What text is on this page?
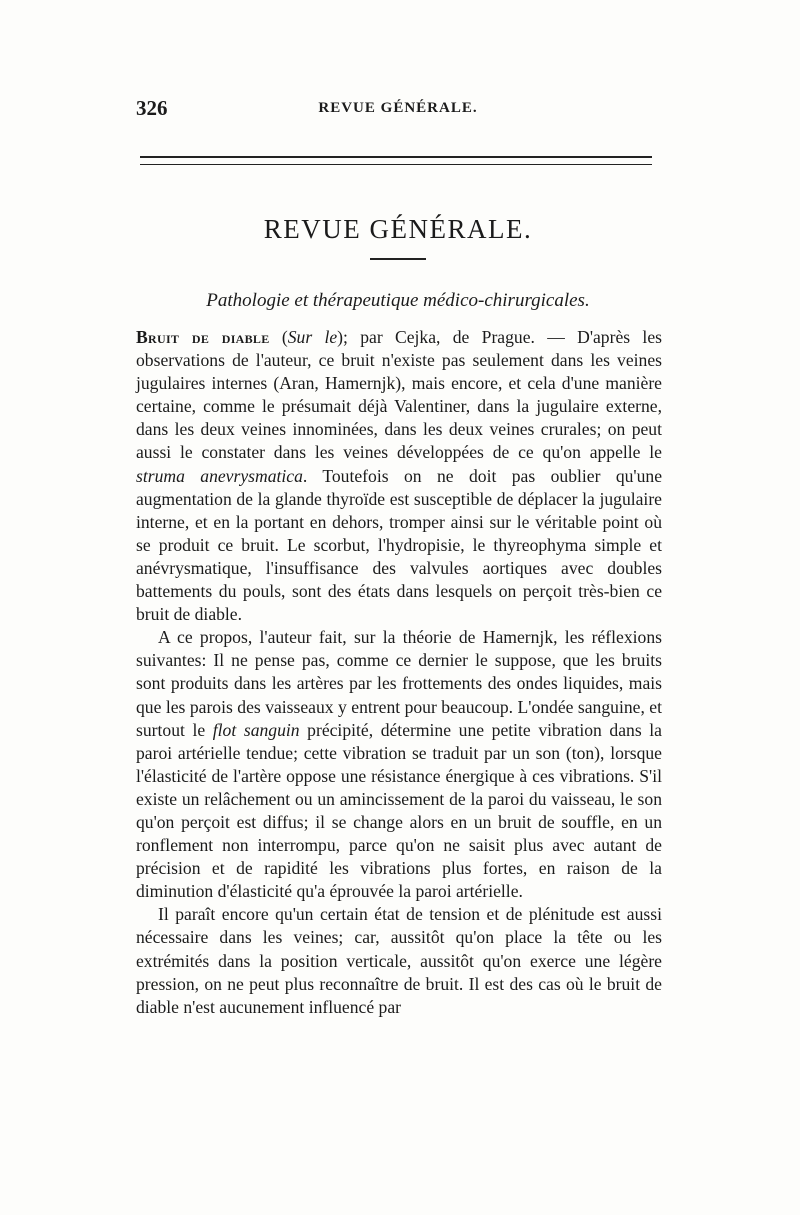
326	REVUE GÉNÉRALE.
REVUE GÉNÉRALE.
Pathologie et thérapeutique médico-chirurgicales.

Bruit de diable (Sur le); par Cejka, de Prague. — D'après les observations de l'auteur, ce bruit n'existe pas seulement dans les veines jugulaires internes (Aran, Hamernjk), mais encore, et cela d'une manière certaine, comme le présumait déjà Valentiner, dans la jugulaire externe, dans les deux veines innominées, dans les deux veines crurales; on peut aussi le constater dans les veines développées de ce qu'on appelle le struma anevrysmatica. Toutefois on ne doit pas oublier qu'une augmentation de la glande thyroïde est susceptible de déplacer la jugulaire interne, et en la portant en dehors, tromper ainsi sur le véritable point où se produit ce bruit. Le scorbut, l'hydropisie, le thyreophyma simple et anévrysmatique, l'insuffisance des valvules aortiques avec doubles battements du pouls, sont des états dans lesquels on perçoit très-bien ce bruit de diable.

A ce propos, l'auteur fait, sur la théorie de Hamernjk, les réflexions suivantes: Il ne pense pas, comme ce dernier le suppose, que les bruits sont produits dans les artères par les frottements des ondes liquides, mais que les parois des vaisseaux y entrent pour beaucoup. L'ondée sanguine, et surtout le flot sanguin précipité, détermine une petite vibration dans la paroi artérielle tendue; cette vibration se traduit par un son (ton), lorsque l'élasticité de l'artère oppose une résistance énergique à ces vibrations. S'il existe un relâchement ou un amincissement de la paroi du vaisseau, le son qu'on perçoit est diffus; il se change alors en un bruit de souffle, en un ronflement non interrompu, parce qu'on ne saisit plus avec autant de précision et de rapidité les vibrations plus fortes, en raison de la diminution d'élasticité qu'a éprouvée la paroi artérielle.

Il paraît encore qu'un certain état de tension et de plénitude est aussi nécessaire dans les veines; car, aussitôt qu'on place la tête ou les extrémités dans la position verticale, aussitôt qu'on exerce une légère pression, on ne peut plus reconnaître de bruit. Il est des cas où le bruit de diable n'est aucunement influencé par
